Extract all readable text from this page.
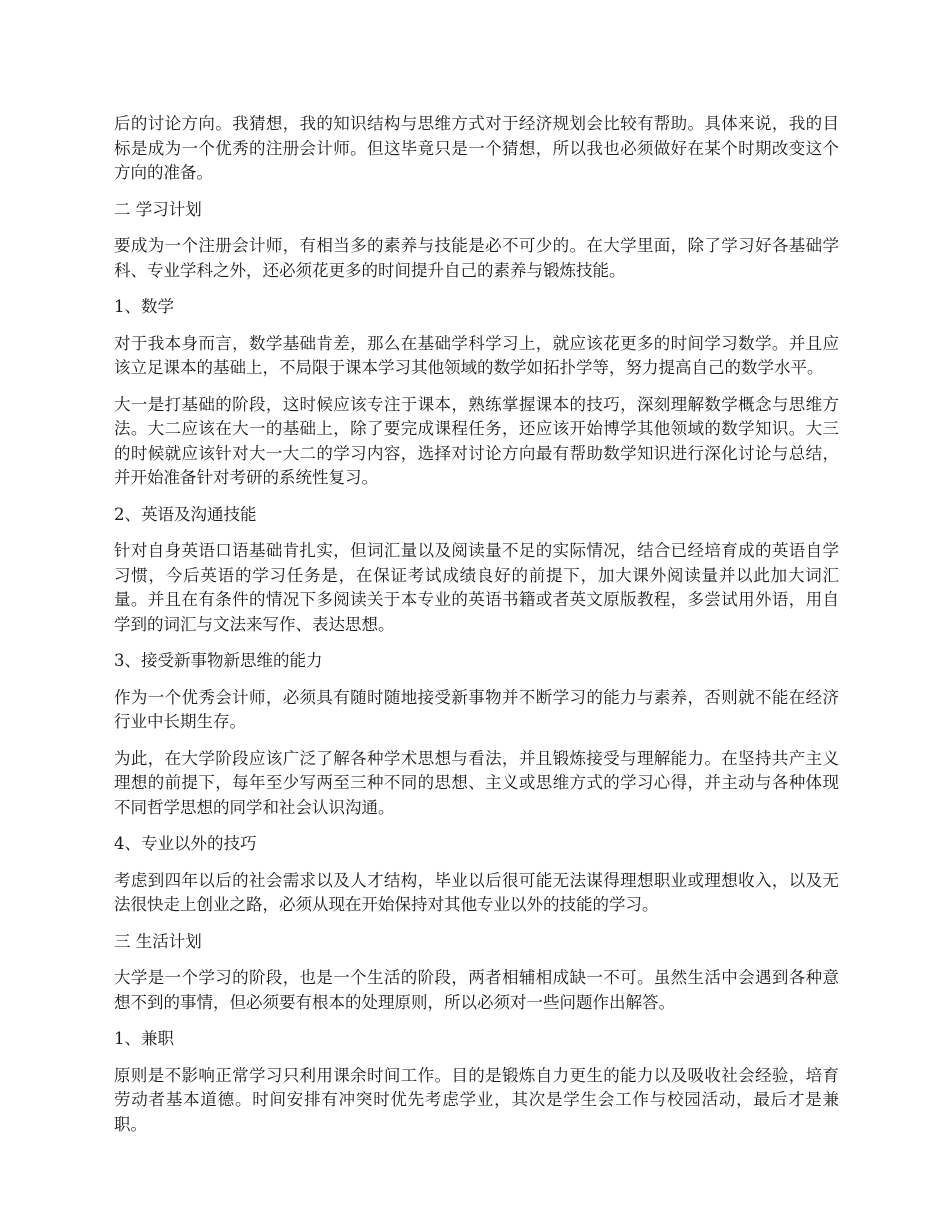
后的讨论方向。我猜想，我的知识结构与思维方式对于经济规划会比较有帮助。具体来说，我的目标是成为一个优秀的注册会计师。但这毕竟只是一个猜想，所以我也必须做好在某个时期改变这个方向的准备。

二 学习计划

要成为一个注册会计师，有相当多的素养与技能是必不可少的。在大学里面，除了学习好各基础学科、专业学科之外，还必须花更多的时间提升自己的素养与锻炼技能。

1、数学

对于我本身而言，数学基础肯差，那么在基础学科学习上，就应该花更多的时间学习数学。并且应该立足课本的基础上，不局限于课本学习其他领域的数学如拓扑学等，努力提高自己的数学水平。

大一是打基础的阶段，这时候应该专注于课本，熟练掌握课本的技巧，深刻理解数学概念与思维方法。大二应该在大一的基础上，除了要完成课程任务，还应该开始博学其他领域的数学知识。大三的时候就应该针对大一大二的学习内容，选择对讨论方向最有帮助数学知识进行深化讨论与总结，并开始准备针对考研的系统性复习。

2、英语及沟通技能

针对自身英语口语基础肯扎实，但词汇量以及阅读量不足的实际情况，结合已经培育成的英语自学习惯，今后英语的学习任务是，在保证考试成绩良好的前提下，加大课外阅读量并以此加大词汇量。并且在有条件的情况下多阅读关于本专业的英语书籍或者英文原版教程，多尝试用外语，用自学到的词汇与文法来写作、表达思想。

3、接受新事物新思维的能力

作为一个优秀会计师，必须具有随时随地接受新事物并不断学习的能力与素养，否则就不能在经济行业中长期生存。

为此，在大学阶段应该广泛了解各种学术思想与看法，并且锻炼接受与理解能力。在坚持共产主义理想的前提下，每年至少写两至三种不同的思想、主义或思维方式的学习心得，并主动与各种体现不同哲学思想的同学和社会认识沟通。

4、专业以外的技巧

考虑到四年以后的社会需求以及人才结构，毕业以后很可能无法谋得理想职业或理想收入，以及无法很快走上创业之路，必须从现在开始保持对其他专业以外的技能的学习。

三 生活计划

大学是一个学习的阶段，也是一个生活的阶段，两者相辅相成缺一不可。虽然生活中会遇到各种意想不到的事情，但必须要有根本的处理原则，所以必须对一些问题作出解答。

1、兼职

原则是不影响正常学习只利用课余时间工作。目的是锻炼自力更生的能力以及吸收社会经验，培育劳动者基本道德。时间安排有冲突时优先考虑学业，其次是学生会工作与校园活动，最后才是兼职。
